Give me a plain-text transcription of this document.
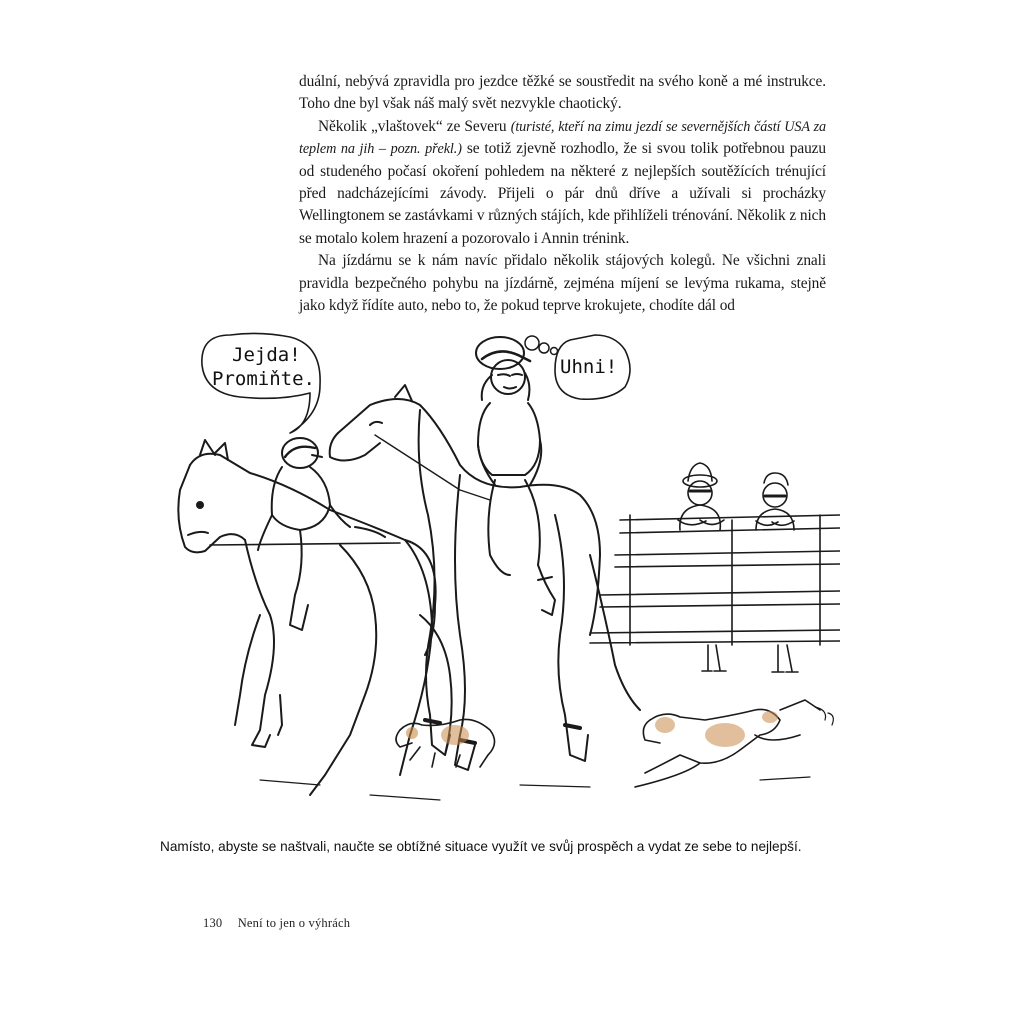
duální, nebývá zpravidla pro jezdce těžké se soustředit na svého koně a mé instrukce. Toho dne byl však náš malý svět nezvykle chaotický.

Několik „vlaštovek“ ze Severu (turisté, kteří na zimu jezdí se severnějších částí USA za teplem na jih – pozn. překl.) se totiž zjevně rozhodlo, že si svou tolik potřebnou pauzu od studeného počasí okoření pohledem na některé z nejlepších soutěžících trénující před nadcházejícími závody. Přijeli o pár dnů dříve a užívali si procházky Wellingtonem se zastávkami v různých stájích, kde přihlíželi trénování. Několik z nich se motalo kolem hrazení a pozorovalo i Annin trénink.

Na jízdárnu se k nám navíc přidalo několik stájových kolegů. Ne všichni znali pravidla bezpečného pohybu na jízdárně, zejména míjení se levýma rukama, stejně jako když řídíte auto, nebo to, že pokud teprve krokujete, chodíte dál od

Jejda!
Promiňte.
Uhni!
Namísto, abyste se naštvali, naučte se obtížné situace využít ve svůj prospěch a vydat ze sebe to nejlepší.
130 Není to jen o výhrách
